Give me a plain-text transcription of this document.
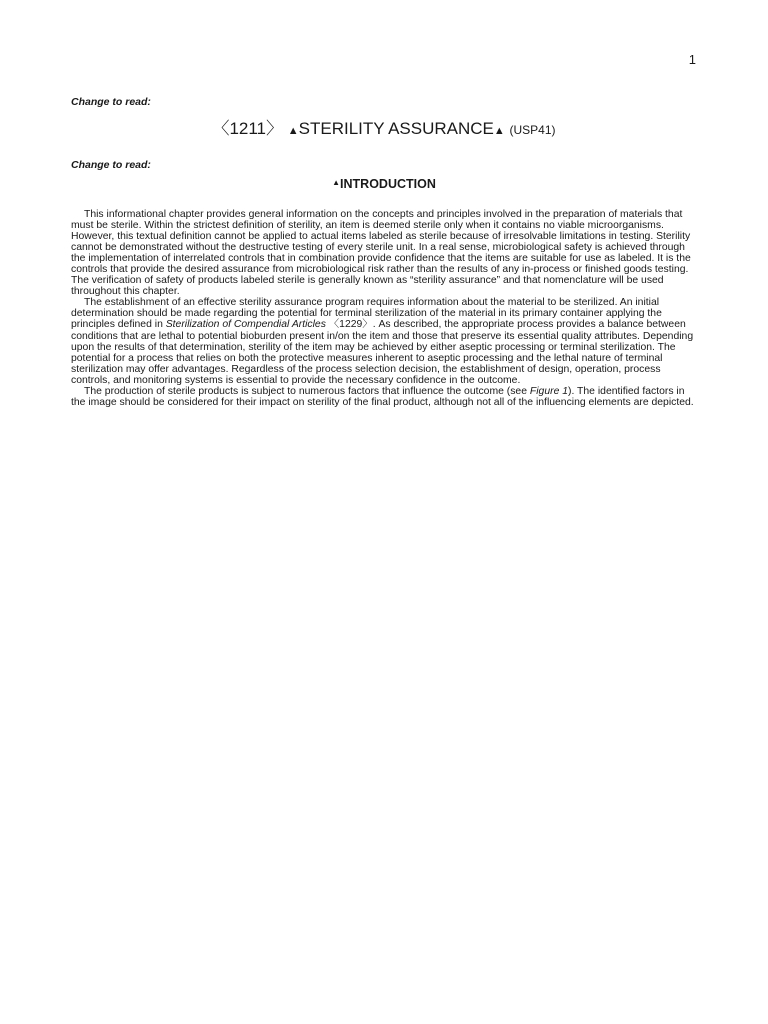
1
Change to read:
〈1211〉 ▲STERILITY ASSURANCE▲ (USP41)
Change to read:
▲INTRODUCTION

This informational chapter provides general information on the concepts and principles involved in the preparation of materials that must be sterile. Within the strictest definition of sterility, an item is deemed sterile only when it contains no viable microorganisms. However, this textual definition cannot be applied to actual items labeled as sterile because of irresolvable limitations in testing. Sterility cannot be demonstrated without the destructive testing of every sterile unit. In a real sense, microbiological safety is achieved through the implementation of interrelated controls that in combination provide confidence that the items are suitable for use as labeled. It is the controls that provide the desired assurance from microbiological risk rather than the results of any in-process or finished goods testing. The verification of safety of products labeled sterile is generally known as “sterility assurance” and that nomenclature will be used throughout this chapter.

The establishment of an effective sterility assurance program requires information about the material to be sterilized. An initial determination should be made regarding the potential for terminal sterilization of the material in its primary container applying the principles defined in Sterilization of Compendial Articles 〈1229〉. As described, the appropriate process provides a balance between conditions that are lethal to potential bioburden present in/on the item and those that preserve its essential quality attributes. Depending upon the results of that determination, sterility of the item may be achieved by either aseptic processing or terminal sterilization. The potential for a process that relies on both the protective measures inherent to aseptic processing and the lethal nature of terminal sterilization may offer advantages. Regardless of the process selection decision, the establishment of design, operation, process controls, and monitoring systems is essential to provide the necessary confidence in the outcome.

The production of sterile products is subject to numerous factors that influence the outcome (see Figure 1). The identified factors in the image should be considered for their impact on sterility of the final product, although not all of the influencing elements are depicted.
